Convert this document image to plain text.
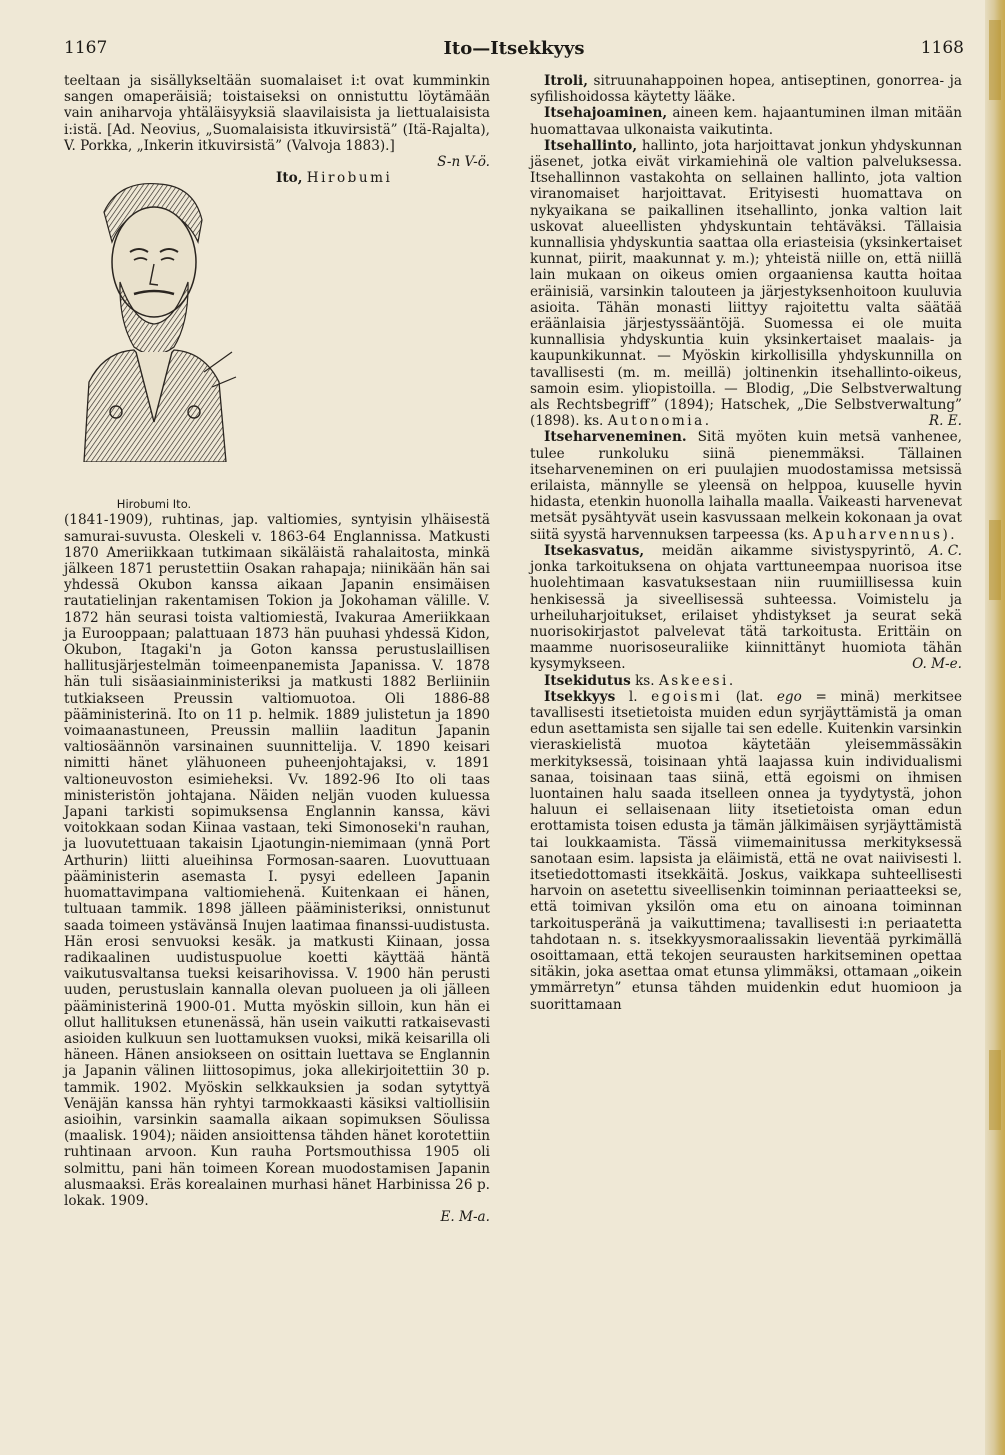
1167	Ito—Itsekkyys	1168

teeltaan ja sisällykseltään suomalaiset i:t ovat kumminkin sangen omaperäisiä; toistaiseksi on onnistuttu löytämään vain aniharvoja yhtäläisyyksiä slaavilaisista ja liettualaisista i:istä. [Ad. Neovius, „Suomalaisista itkuvirsistä” (Itä-Rajalta), V. Porkka, „Inkerin itkuvirsistä” (Valvoja 1883).]
S-n V-ö.

Ito, Hirobumi

Hirobumi Ito.
(1841-1909), ruhtinas, jap. valtiomies, syntyisin ylhäisestä samurai-suvusta. Oleskeli v. 1863-64 Englannissa. Matkusti 1870 Ameriikkaan tutkimaan sikäläistä rahalaitosta, minkä jälkeen 1871 perustettiin Osakan rahapaja; niinikään hän sai yhdessä Okubon kanssa aikaan Japanin ensimäisen rautatielinjan rakentamisen Tokion ja Jokohaman välille. V. 1872 hän seurasi toista valtiomiestä, Ivakuraa Ameriikkaan ja Eurooppaan; palattuaan 1873 hän puuhasi yhdessä Kidon, Okubon, Itagaki'n ja Goton kanssa perustuslaillisen hallitusjärjestelmän toimeenpanemista Japanissa. V. 1878 hän tuli sisäasiainministeriksi ja matkusti 1882 Berliiniin tutkiakseen Preussin valtiomuotoa. Oli 1886-88 pääministerinä. Ito on 11 p. helmik. 1889 julistetun ja 1890 voimaanastuneen, Preussin malliin laaditun Japanin valtiosäännön varsinainen suunnittelija. V. 1890 keisari nimitti hänet ylähuoneen puheenjohtajaksi, v. 1891 valtioneuvoston esimieheksi. Vv. 1892-96 Ito oli taas ministeristön johtajana. Näiden neljän vuoden kuluessa Japani tarkisti sopimuksensa Englannin kanssa, kävi voitokkaan sodan Kiinaa vastaan, teki Simonoseki'n rauhan, ja luovutettuaan takaisin Ljaotungin-niemimaan (ynnä Port Arthurin) liitti alueihinsa Formosan-saaren. Luovuttuaan pääministerin asemasta I. pysyi edelleen Japanin huomattavimpana valtiomiehenä. Kuitenkaan ei hänen, tultuaan tammik. 1898 jälleen pääministeriksi, onnistunut saada toimeen ystävänsä Inujen laatimaa finanssi-uudistusta. Hän erosi senvuoksi kesäk. ja matkusti Kiinaan, jossa radikaalinen uudistuspuolue koetti käyttää häntä vaikutusvaltansa tueksi keisarihovissa. V. 1900 hän perusti uuden, perustuslain kannalla olevan puolueen ja oli jälleen pääministerinä 1900-01. Mutta myöskin silloin, kun hän ei ollut hallituksen etunenässä, hän usein vaikutti ratkaisevasti asioiden kulkuun sen luottamuksen vuoksi, mikä keisarilla oli häneen. Hänen ansiokseen on osittain luettava se Englannin ja Japanin välinen liittosopimus, joka allekirjoitettiin 30 p. tammik. 1902. Myöskin selkkauksien ja sodan sytyttyä Venäjän kanssa hän ryhtyi tarmokkaasti käsiksi valtiollisiin asioihin, varsinkin saamalla aikaan sopimuksen Söulissa (maalisk. 1904); näiden ansioittensa tähden hänet korotettiin ruhtinaan arvoon. Kun rauha Portsmouthissa 1905 oli solmittu, pani hän toimeen Korean muodostamisen Japanin alusmaaksi. Eräs korealainen murhasi hänet Harbinissa 26 p. lokak. 1909.
E. M-a.

Itroli, sitruunahappoinen hopea, antiseptinen, gonorrea- ja syfilishoidossa käytetty lääke.

Itsehajoaminen, aineen kem. hajaantuminen ilman mitään huomattavaa ulkonaista vaikutinta.

Itsehallinto, hallinto, jota harjoittavat jonkun yhdyskunnan jäsenet, jotka eivät virkamiehinä ole valtion palveluksessa. Itsehallinnon vastakohta on sellainen hallinto, jota valtion viranomaiset harjoittavat. Erityisesti huomattava on nykyaikana se paikallinen itsehallinto, jonka valtion lait uskovat alueellisten yhdyskuntain tehtäväksi. Tällaisia kunnallisia yhdyskuntia saattaa olla eriasteisia (yksinkertaiset kunnat, piirit, maakunnat y. m.); yhteistä niille on, että niillä lain mukaan on oikeus omien orgaaniensa kautta hoitaa eräinisiä, varsinkin talouteen ja järjestyksenhoitoon kuuluvia asioita. Tähän monasti liittyy rajoitettu valta säätää eräänlaisia järjestyssääntöjä. Suomessa ei ole muita kunnallisia yhdyskuntia kuin yksinkertaiset maalais- ja kaupunkikunnat. — Myöskin kirkollisilla yhdyskunnilla on tavallisesti (m. m. meillä) joltinenkin itsehallinto-oikeus, samoin esim. yliopistoilla. — Blodig, „Die Selbstverwaltung als Rechtsbegriff” (1894); Hatschek, „Die Selbstverwaltung” (1898). ks. Autonomia.	R. E.

Itseharveneminen. Sitä myöten kuin metsä vanhenee, tulee runkoluku siinä pienemmäksi. Tällainen itseharveneminen on eri puulajien muodostamissa metsissä erilaista, männylle se yleensä on helppoa, kuuselle hyvin hidasta, etenkin huonolla laihalla maalla. Vaikeasti harvenevat metsät pysähtyvät usein kasvussaan melkein kokonaan ja ovat siitä syystä harvennuksen tarpeessa (ks. Apuharvennus).
A. C.

Itsekasvatus, meidän aikamme sivistyspyrintö, jonka tarkoituksena on ohjata varttuneempaa nuorisoa itse huolehtimaan kasvatuksestaan niin ruumiillisessa kuin henkisessä ja siveellisessä suhteessa. Voimistelu ja urheiluharjoitukset, erilaiset yhdistykset ja seurat sekä nuorisokirjastot palvelevat tätä tarkoitusta. Erittäin on maamme nuorisoseuraliike kiinnittänyt huomiota tähän kysymykseen.	O. M-e.

Itsekidutus ks. Askeesi.

Itsekkyys l. egoismi (lat. ego = minä) merkitsee tavallisesti itsetietoista muiden edun syrjäyttämistä ja oman edun asettamista sen sijalle tai sen edelle. Kuitenkin varsinkin vieraskielistä muotoa käytetään yleisemmässäkin merkityksessä, toisinaan yhtä laajassa kuin individualismi sanaa, toisinaan taas siinä, että egoismi on ihmisen luontainen halu saada itselleen onnea ja tyydytystä, johon haluun ei sellaisenaan liity itsetietoista oman edun erottamista toisen edusta ja tämän jälkimäisen syrjäyttämistä tai loukkaamista. Tässä viimemainitussa merkityksessä sanotaan esim. lapsista ja eläimistä, että ne ovat naiivisesti l. itsetiedottomasti itsekkäitä. Joskus, vaikkapa suhteellisesti harvoin on asetettu siveellisenkin toiminnan periaatteeksi se, että toimivan yksilön oma etu on ainoana toiminnan tarkoitusperänä ja vaikuttimena; tavallisesti i:n periaatetta tahdotaan n. s. itsekkyysmoraalissakin lieventää pyrkimällä osoittamaan, että tekojen seurausten harkitseminen opettaa sitäkin, joka asettaa omat etunsa ylimmäksi, ottamaan „oikein ymmärretyn” etunsa tähden muidenkin edut huomioon ja suorittamaan
